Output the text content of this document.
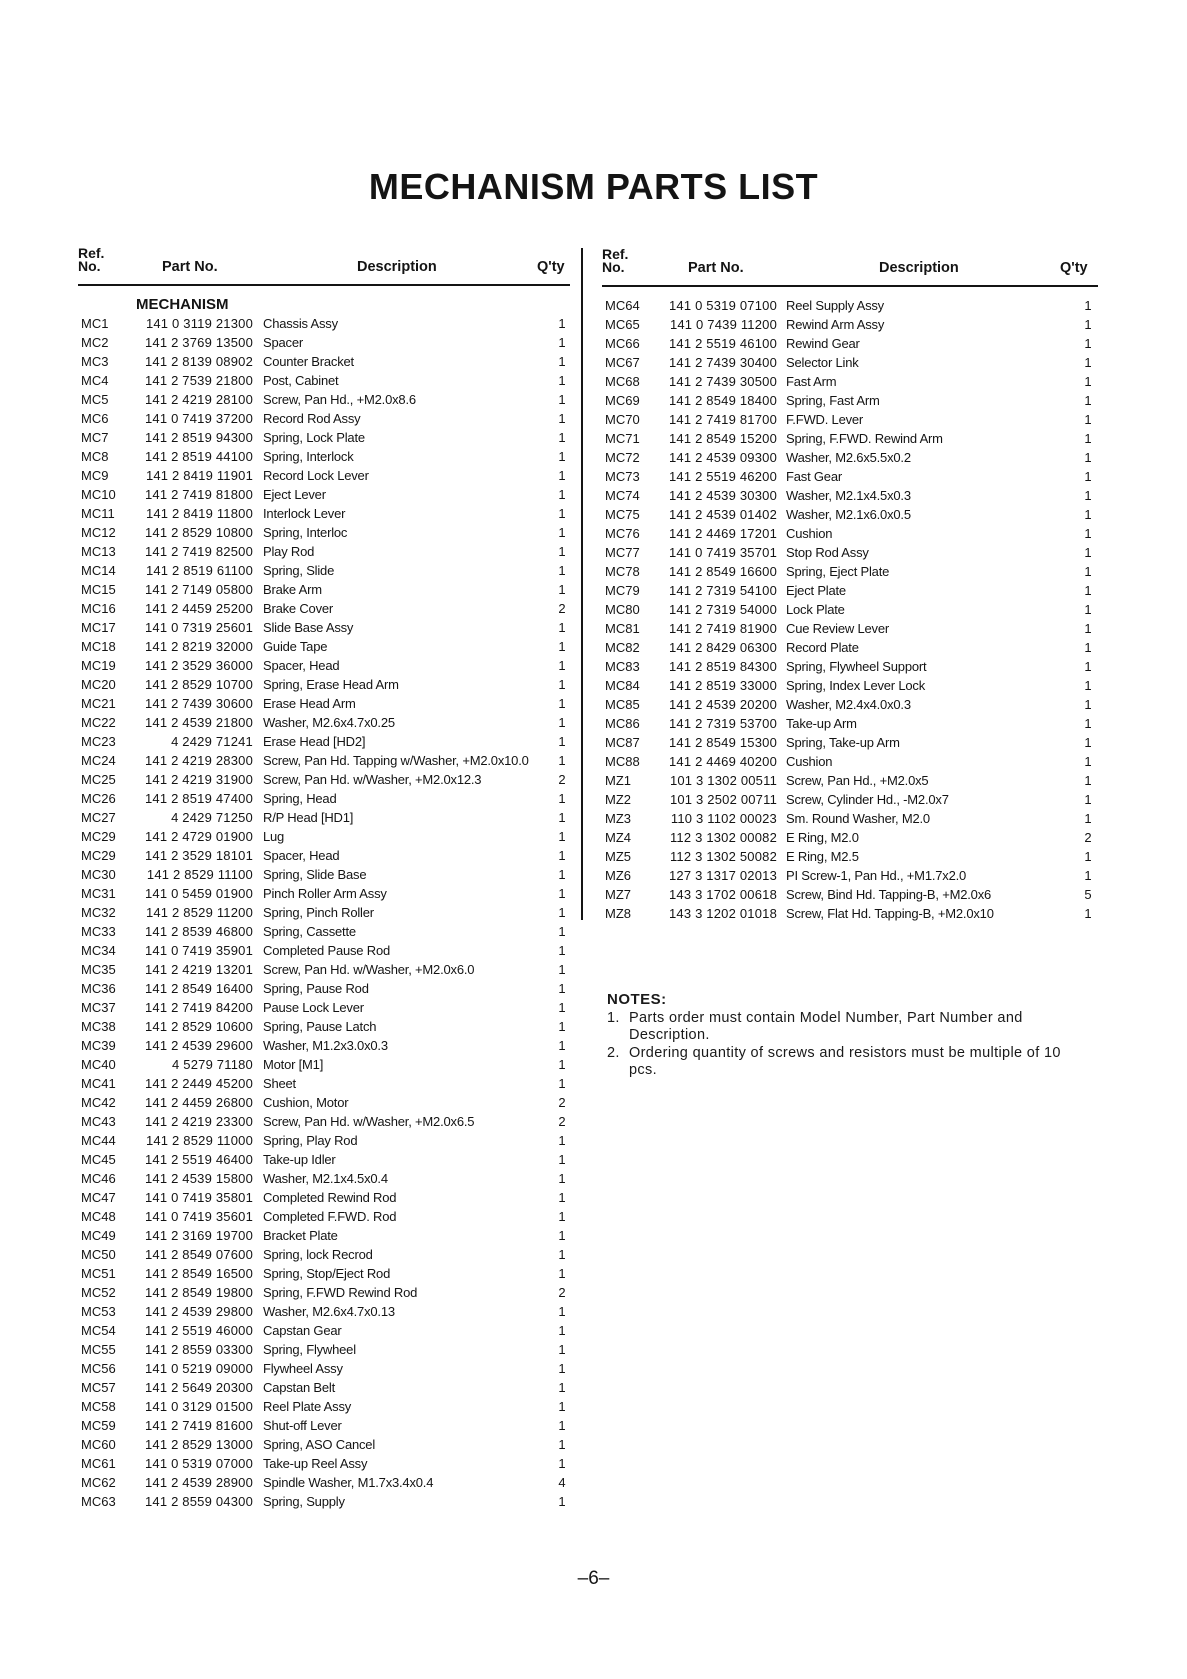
MECHANISM PARTS LIST
Ref.
No.	Part No.	Description	Q'ty
Ref.
No.	Part No.	Description	Q'ty
MECHANISM
MC1	141 0 3119 21300 Chassis Assy	1
MC2	141 2 3769 13500 Spacer	1
MC3	141 2 8139 08902 Counter Bracket	1
MC4	141 2 7539 21800 Post, Cabinet	1
MC5	141 2 4219 28100 Screw, Pan Hd., +M2.0x8.6	1
MC6	141 0 7419 37200 Record Rod Assy	1
MC7	141 2 8519 94300 Spring, Lock Plate	1
MC8	141 2 8519 44100 Spring, Interlock	1
MC9	141 2 8419 11901 Record Lock Lever	1
MC10	141 2 7419 81800 Eject Lever	1
MC11	141 2 8419 11800 Interlock Lever	1
MC12	141 2 8529 10800 Spring, Interloc	1
MC13	141 2 7419 82500 Play Rod	1
MC14	141 2 8519 61100 Spring, Slide	1
MC15	141 2 7149 05800 Brake Arm	1
MC16	141 2 4459 25200 Brake Cover	2
MC17	141 0 7319 25601 Slide Base Assy	1
MC18	141 2 8219 32000 Guide Tape	1
MC19	141 2 3529 36000 Spacer, Head	1
MC20	141 2 8529 10700 Spring, Erase Head Arm	1
MC21	141 2 7439 30600 Erase Head Arm	1
MC22	141 2 4539 21800 Washer, M2.6x4.7x0.25	1
MC23	4 2429 71241 Erase Head [HD2]	1
MC24	141 2 4219 28300 Screw, Pan Hd. Tapping w/Washer, +M2.0x10.0	1
MC25	141 2 4219 31900 Screw, Pan Hd. w/Washer, +M2.0x12.3	2
MC26	141 2 8519 47400 Spring, Head	1
MC27	4 2429 71250 R/P Head [HD1]	1
MC29	141 2 4729 01900 Lug	1
MC29	141 2 3529 18101 Spacer, Head	1
MC30	141 2 8529 11100 Spring, Slide Base	1
MC31	141 0 5459 01900 Pinch Roller Arm Assy	1
MC32	141 2 8529 11200 Spring, Pinch Roller	1
MC33	141 2 8539 46800 Spring, Cassette	1
MC34	141 0 7419 35901 Completed Pause Rod	1
MC35	141 2 4219 13201 Screw, Pan Hd. w/Washer, +M2.0x6.0	1
MC36	141 2 8549 16400 Spring, Pause Rod	1
MC37	141 2 7419 84200 Pause Lock Lever	1
MC38	141 2 8529 10600 Spring, Pause Latch	1
MC39	141 2 4539 29600 Washer, M1.2x3.0x0.3	1
MC40	4 5279 71180 Motor [M1]	1
MC41	141 2 2449 45200 Sheet	1
MC42	141 2 4459 26800 Cushion, Motor	2
MC43	141 2 4219 23300 Screw, Pan Hd. w/Washer, +M2.0x6.5	2
MC44	141 2 8529 11000 Spring, Play Rod	1
MC45	141 2 5519 46400 Take-up Idler	1
MC46	141 2 4539 15800 Washer, M2.1x4.5x0.4	1
MC47	141 0 7419 35801 Completed Rewind Rod	1
MC48	141 0 7419 35601 Completed F.FWD. Rod	1
MC49	141 2 3169 19700 Bracket Plate	1
MC50	141 2 8549 07600 Spring, lock Recrod	1
MC51	141 2 8549 16500 Spring, Stop/Eject Rod	1
MC52	141 2 8549 19800 Spring, F.FWD Rewind Rod	2
MC53	141 2 4539 29800 Washer, M2.6x4.7x0.13	1
MC54	141 2 5519 46000 Capstan Gear	1
MC55	141 2 8559 03300 Spring, Flywheel	1
MC56	141 0 5219 09000 Flywheel Assy	1
MC57	141 2 5649 20300 Capstan Belt	1
MC58	141 0 3129 01500 Reel Plate Assy	1
MC59	141 2 7419 81600 Shut-off Lever	1
MC60	141 2 8529 13000 Spring, ASO Cancel	1
MC61	141 0 5319 07000 Take-up Reel Assy	1
MC62	141 2 4539 28900 Spindle Washer, M1.7x3.4x0.4	4
MC63	141 2 8559 04300 Spring, Supply	1
MC64	141 0 5319 07100 Reel Supply Assy	1
MC65	141 0 7439 11200 Rewind Arm Assy	1
MC66	141 2 5519 46100 Rewind Gear	1
MC67	141 2 7439 30400 Selector Link	1
MC68	141 2 7439 30500 Fast Arm	1
MC69	141 2 8549 18400 Spring, Fast Arm	1
MC70	141 2 7419 81700 F.FWD. Lever	1
MC71	141 2 8549 15200 Spring, F.FWD. Rewind Arm	1
MC72	141 2 4539 09300 Washer, M2.6x5.5x0.2	1
MC73	141 2 5519 46200 Fast Gear	1
MC74	141 2 4539 30300 Washer, M2.1x4.5x0.3	1
MC75	141 2 4539 01402 Washer, M2.1x6.0x0.5	1
MC76	141 2 4469 17201 Cushion	1
MC77	141 0 7419 35701 Stop Rod Assy	1
MC78	141 2 8549 16600 Spring, Eject Plate	1
MC79	141 2 7319 54100 Eject Plate	1
MC80	141 2 7319 54000 Lock Plate	1
MC81	141 2 7419 81900 Cue Review Lever	1
MC82	141 2 8429 06300 Record Plate	1
MC83	141 2 8519 84300 Spring, Flywheel Support	1
MC84	141 2 8519 33000 Spring, Index Lever Lock	1
MC85	141 2 4539 20200 Washer, M2.4x4.0x0.3	1
MC86	141 2 7319 53700 Take-up Arm	1
MC87	141 2 8549 15300 Spring, Take-up Arm	1
MC88	141 2 4469 40200 Cushion	1
MZ1	101 3 1302 00511 Screw, Pan Hd., +M2.0x5	1
MZ2	101 3 2502 00711 Screw, Cylinder Hd., -M2.0x7	1
MZ3	110 3 1102 00023 Sm. Round Washer, M2.0	1
MZ4	112 3 1302 00082 E Ring, M2.0	2
MZ5	112 3 1302 50082 E Ring, M2.5	1
MZ6	127 3 1317 02013 PI Screw-1, Pan Hd., +M1.7x2.0	1
MZ7	143 3 1702 00618 Screw, Bind Hd. Tapping-B, +M2.0x6	5
MZ8	143 3 1202 01018 Screw, Flat Hd. Tapping-B, +M2.0x10	1
NOTES:
1. Parts order must contain Model Number, Part Number and Description.
2. Ordering quantity of screws and resistors must be multiple of 10 pcs.
–6–
